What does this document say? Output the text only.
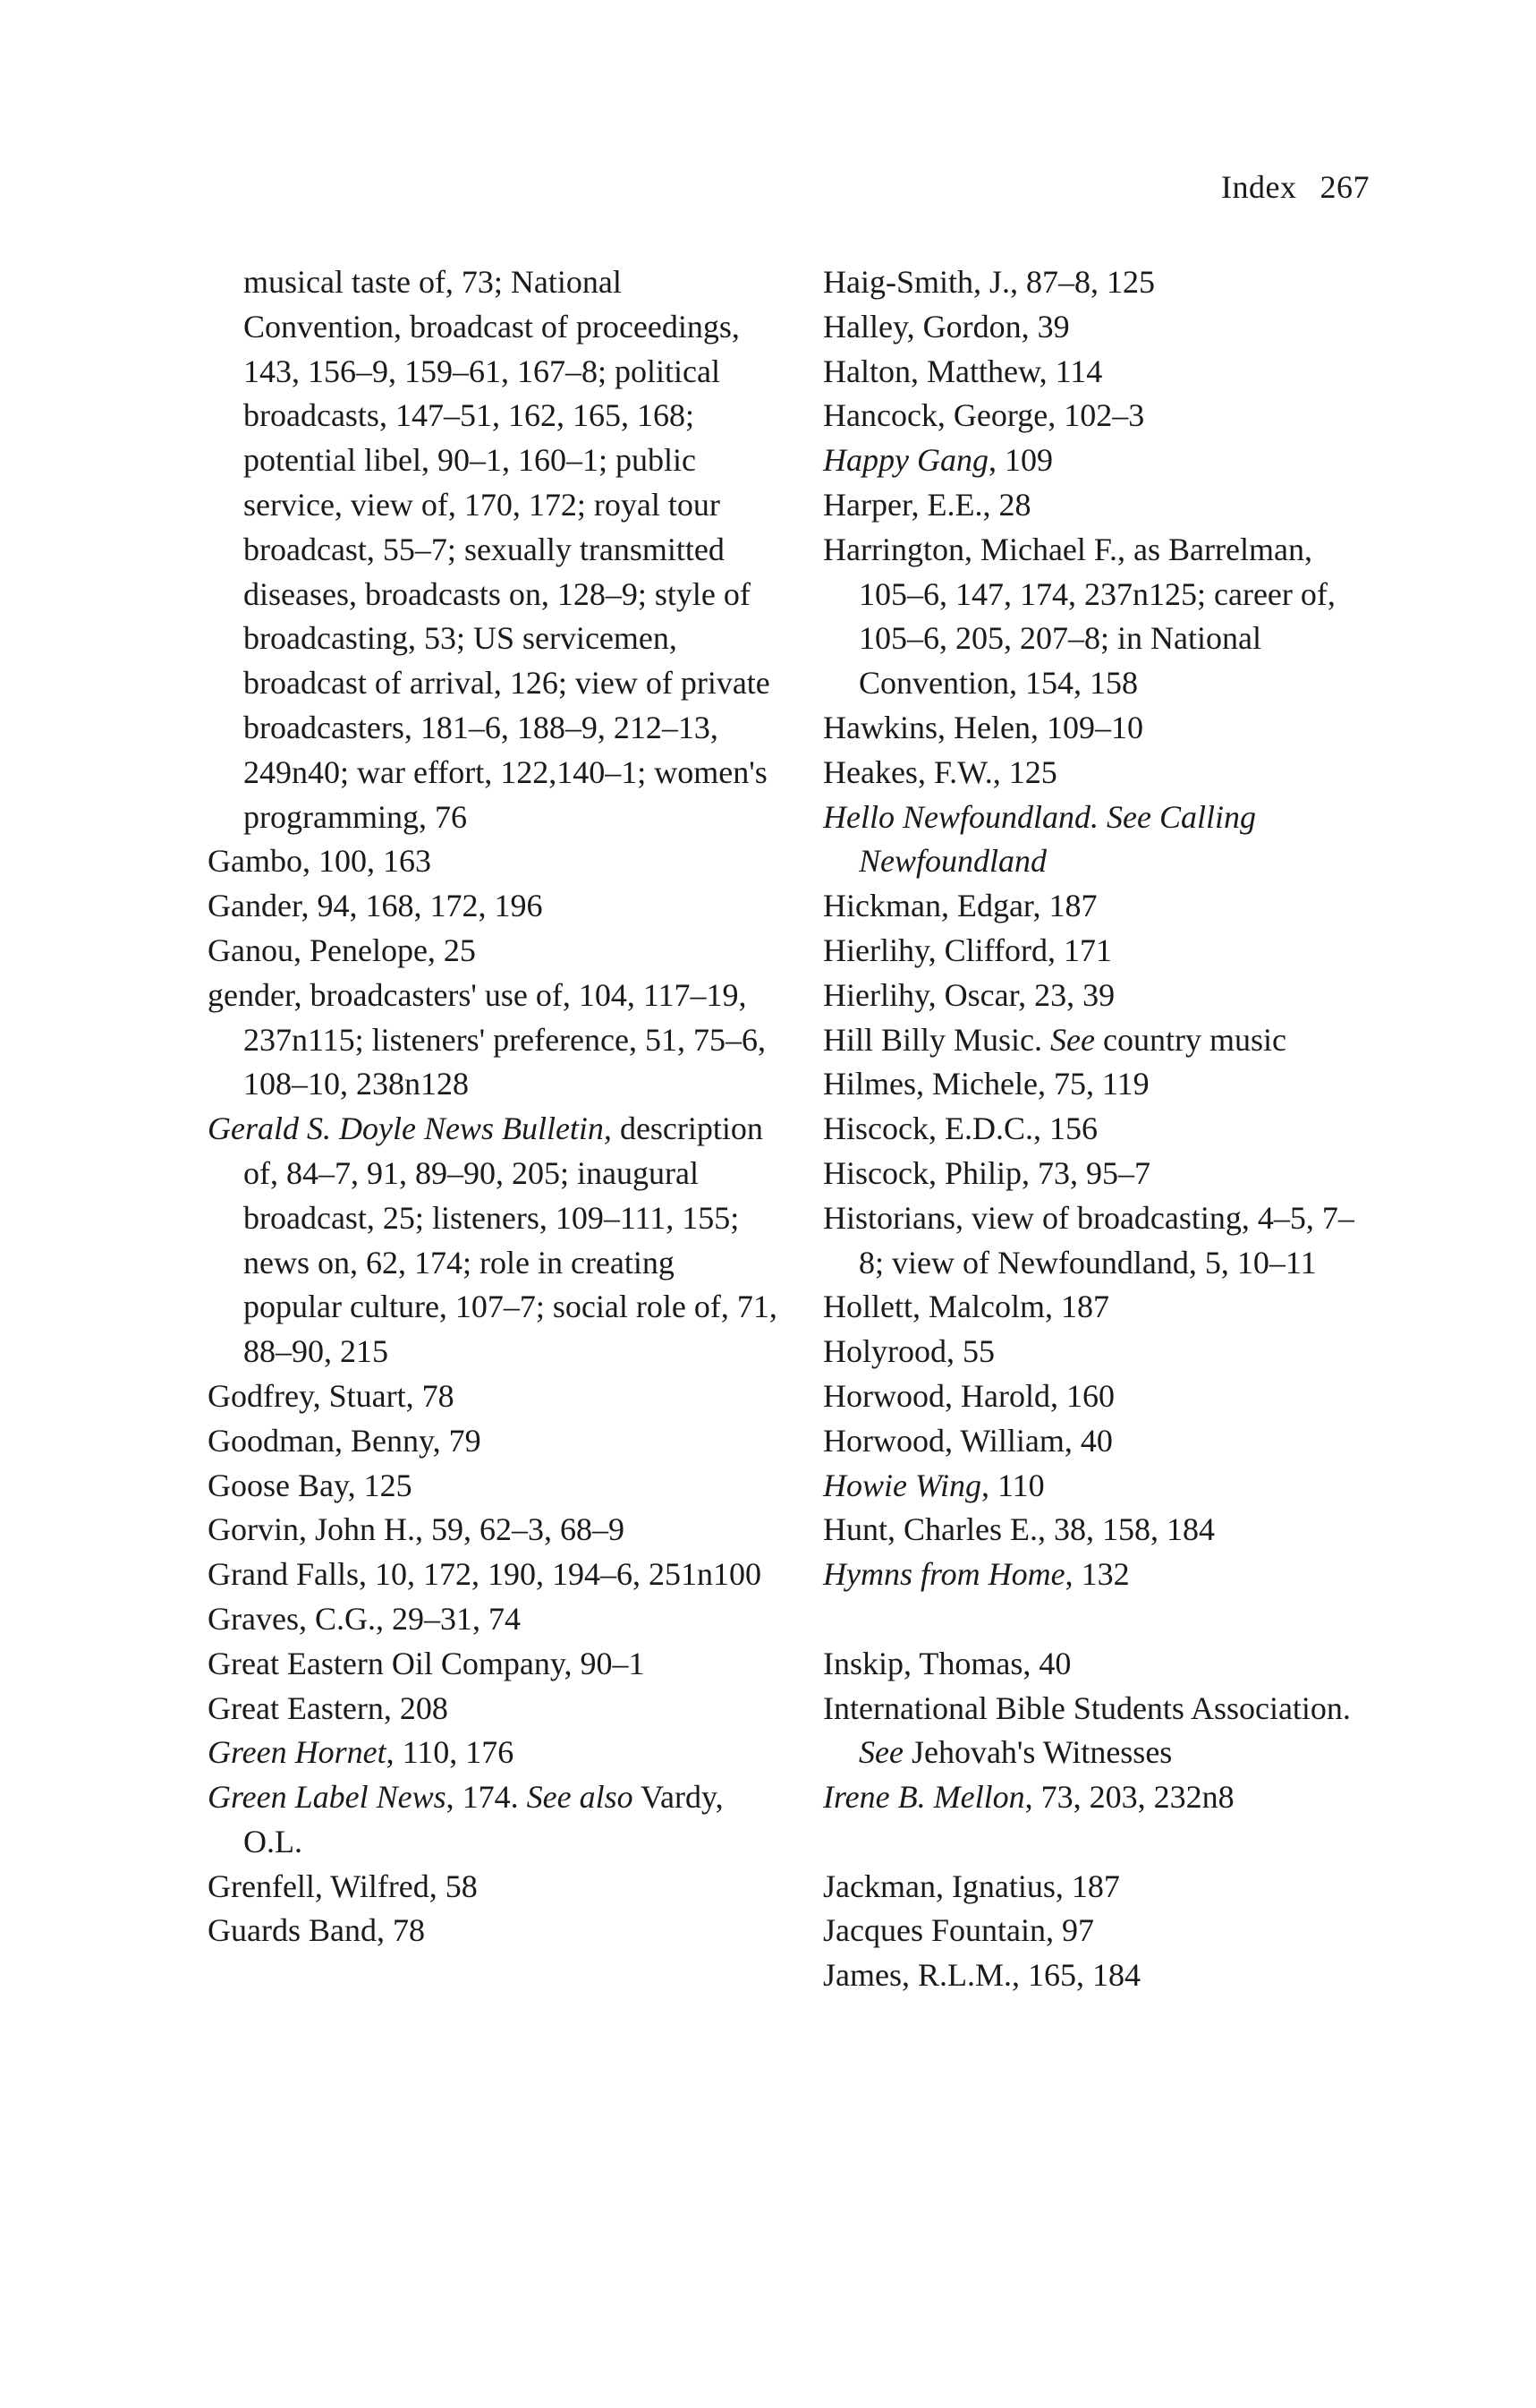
Index 267

musical taste of, 73; National Convention, broadcast of proceedings, 143, 156–9, 159–61, 167–8; political broadcasts, 147–51, 162, 165, 168; potential libel, 90–1, 160–1; public service, view of, 170, 172; royal tour broadcast, 55–7; sexually transmitted diseases, broadcasts on, 128–9; style of broadcasting, 53; US servicemen, broadcast of arrival, 126; view of private broadcasters, 181–6, 188–9, 212–13, 249n40; war effort, 122,140–1; women's programming, 76

Gambo, 100, 163

Gander, 94, 168, 172, 196

Ganou, Penelope, 25

gender, broadcasters' use of, 104, 117–19, 237n115; listeners' preference, 51, 75–6, 108–10, 238n128

Gerald S. Doyle News Bulletin, description of, 84–7, 91, 89–90, 205; inaugural broadcast, 25; listeners, 109–111, 155; news on, 62, 174; role in creating popular culture, 107–7; social role of, 71, 88–90, 215

Godfrey, Stuart, 78

Goodman, Benny, 79

Goose Bay, 125

Gorvin, John H., 59, 62–3, 68–9

Grand Falls, 10, 172, 190, 194–6, 251n100

Graves, C.G., 29–31, 74

Great Eastern Oil Company, 90–1

Great Eastern, 208

Green Hornet, 110, 176

Green Label News, 174. See also Vardy, O.L.

Grenfell, Wilfred, 58

Guards Band, 78

Haig-Smith, J., 87–8, 125

Halley, Gordon, 39

Halton, Matthew, 114

Hancock, George, 102–3

Happy Gang, 109

Harper, E.E., 28

Harrington, Michael F., as Barrelman, 105–6, 147, 174, 237n125; career of, 105–6, 205, 207–8; in National Convention, 154, 158

Hawkins, Helen, 109–10

Heakes, F.W., 125

Hello Newfoundland. See Calling Newfoundland

Hickman, Edgar, 187

Hierlihy, Clifford, 171

Hierlihy, Oscar, 23, 39

Hill Billy Music. See country music

Hilmes, Michele, 75, 119

Hiscock, E.D.C., 156

Hiscock, Philip, 73, 95–7

Historians, view of broadcasting, 4–5, 7–8; view of Newfoundland, 5, 10–11

Hollett, Malcolm, 187

Holyrood, 55

Horwood, Harold, 160

Horwood, William, 40

Howie Wing, 110

Hunt, Charles E., 38, 158, 184

Hymns from Home, 132

Inskip, Thomas, 40

International Bible Students Association. See Jehovah's Witnesses

Irene B. Mellon, 73, 203, 232n8

Jackman, Ignatius, 187

Jacques Fountain, 97

James, R.L.M., 165, 184
